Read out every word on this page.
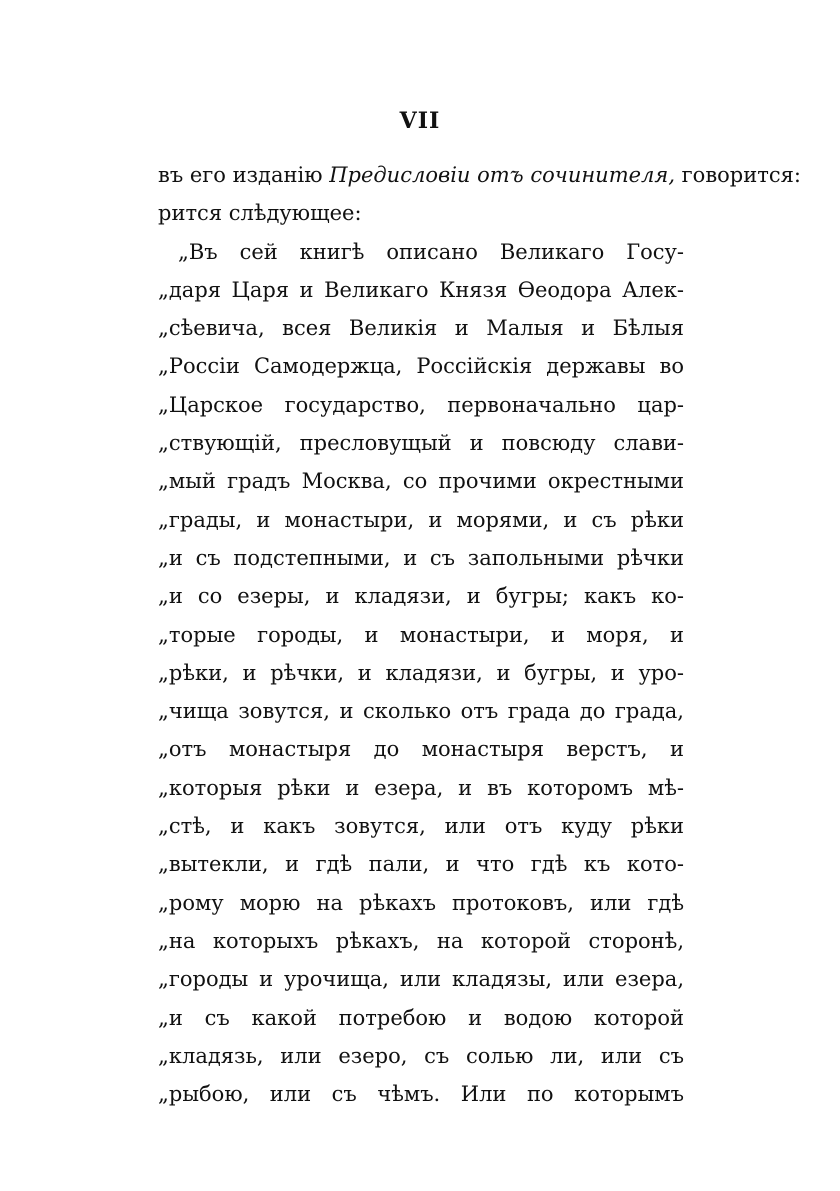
VII
въ его изданію Предисловіи отъ сочинителя, говорится:
рится слѣдующее:
„Въ сей книгѣ описано Великаго Госу-
„даря Царя и Великаго Князя Ѳеодора Алек-
„сѣевича, всея Великія и Малыя и Бѣлыя
„Россіи Самодержца, Россійскія державы во
„Царское государство, первоначально цар-
„ствующій, пресловущый и повсюду слави-
„мый градъ Москва, со прочими окрестными
„грады, и монастыри, и морями, и съ рѣки
„и съ подстепными, и съ запольными рѣчки
„и со езеры, и кладязи, и бугры; какъ ко-
„торые городы, и монастыри, и моря, и
„рѣки, и рѣчки, и кладязи, и бугры, и уро-
„чища зовутся, и сколько отъ града до града,
„отъ монастыря до монастыря верстъ, и
„которыя рѣки и езера, и въ которомъ мѣ-
„стѣ, и какъ зовутся, или отъ куду рѣки
„вытекли, и гдѣ пали, и что гдѣ къ кото-
„рому морю на рѣкахъ протоковъ, или гдѣ
„на которыхъ рѣкахъ, на которой сторонѣ,
„городы и урочища, или кладязы, или езера,
„и съ какой потребою и водою которой
„кладязь, или езеро, съ солью ли, или съ
„рыбою, или съ чѣмъ. Или по которымъ
